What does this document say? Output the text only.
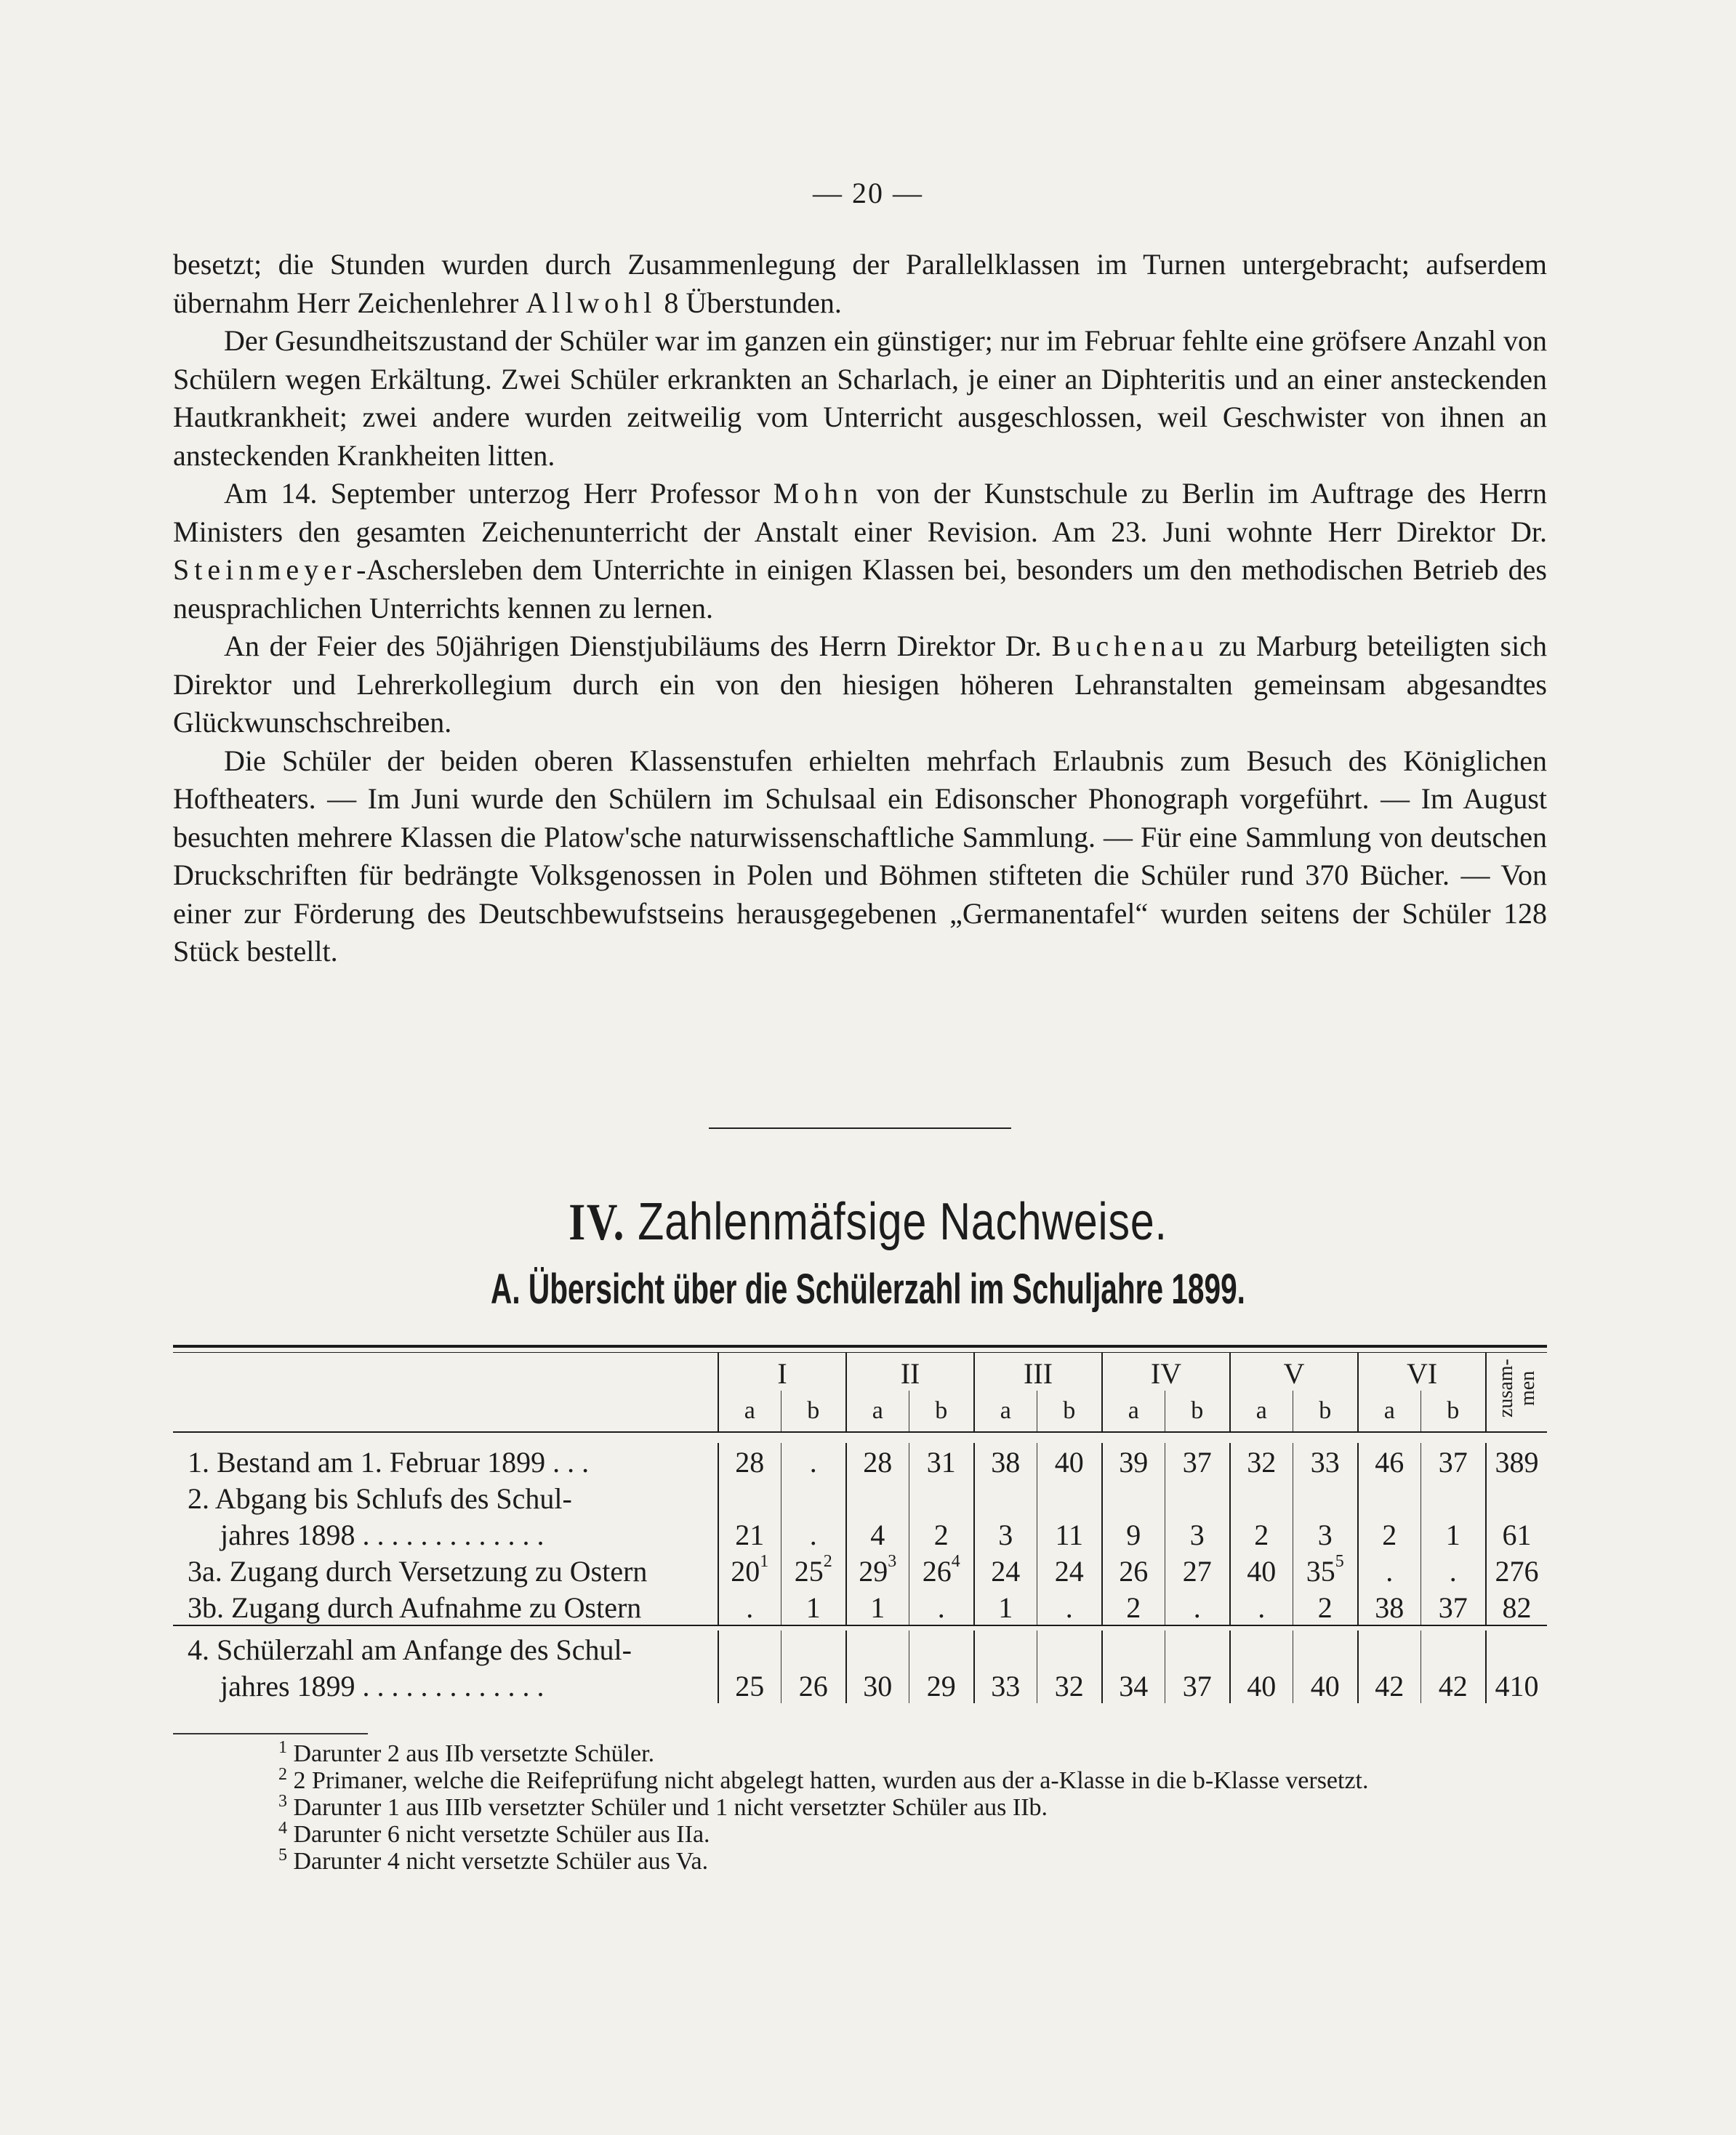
— 20 —

besetzt; die Stunden wurden durch Zusammenlegung der Parallelklassen im Turnen untergebracht; aufserdem übernahm Herr Zeichenlehrer Allwohl 8 Überstunden.

Der Gesundheitszustand der Schüler war im ganzen ein günstiger; nur im Februar fehlte eine gröfsere Anzahl von Schülern wegen Erkältung. Zwei Schüler erkrankten an Scharlach, je einer an Diphteritis und an einer ansteckenden Hautkrankheit; zwei andere wurden zeitweilig vom Unterricht ausgeschlossen, weil Geschwister von ihnen an ansteckenden Krankheiten litten.

Am 14. September unterzog Herr Professor Mohn von der Kunstschule zu Berlin im Auftrage des Herrn Ministers den gesamten Zeichenunterricht der Anstalt einer Revision. Am 23. Juni wohnte Herr Direktor Dr. Steinmeyer-Aschersleben dem Unterrichte in einigen Klassen bei, besonders um den methodischen Betrieb des neusprachlichen Unterrichts kennen zu lernen.

An der Feier des 50jährigen Dienstjubiläums des Herrn Direktor Dr. Buchenau zu Marburg beteiligten sich Direktor und Lehrerkollegium durch ein von den hiesigen höheren Lehranstalten gemeinsam abgesandtes Glückwunschschreiben.

Die Schüler der beiden oberen Klassenstufen erhielten mehrfach Erlaubnis zum Besuch des Königlichen Hoftheaters. — Im Juni wurde den Schülern im Schulsaal ein Edisonscher Phonograph vorgeführt. — Im August besuchten mehrere Klassen die Platow'sche naturwissenschaftliche Sammlung. — Für eine Sammlung von deutschen Druckschriften für bedrängte Volksgenossen in Polen und Böhmen stifteten die Schüler rund 370 Bücher. — Von einer zur Förderung des Deutschbewufstseins herausgegebenen „Germanentafel“ wurden seitens der Schüler 128 Stück bestellt.

IV. Zahlenmäfsige Nachweise.
A. Übersicht über die Schülerzahl im Schuljahre 1899.
	I		II		III		IV		V		VI		zusam-men
	a	b	a	b	a	b	a	b	a	b	a	b	

1. Bestand am 1. Februar 1899 . . .	28	.	28	31	38	40	39	37	32	33	46	37	389
2. Abgang bis Schlufs des Schul-													
jahres 1898 . . . . . . . . . . . . .	21	.	4	2	3	11	9	3	2	3	2	1	61
3a. Zugang durch Versetzung zu Ostern	$20^1$	$25^2$	$29^3$	$26^4$	24	24	26	27	40	$35^5$	.	.	276
3b. Zugang durch Aufnahme zu Ostern	.	1	1	.	1	.	2	.	.	2	38	37	82

4. Schülerzahl am Anfange des Schul-													
jahres 1899 . . . . . . . . . . . . .	25	26	30	29	33	32	34	37	40	40	42	42	410

$^1$ Darunter 2 aus IIb versetzte Schüler.

$^2$ 2 Primaner, welche die Reifeprüfung nicht abgelegt hatten, wurden aus der a-Klasse in die b-Klasse versetzt.

$^3$ Darunter 1 aus IIIb versetzter Schüler und 1 nicht versetzter Schüler aus IIb.

$^4$ Darunter 6 nicht versetzte Schüler aus IIa.

$^5$ Darunter 4 nicht versetzte Schüler aus Va.
